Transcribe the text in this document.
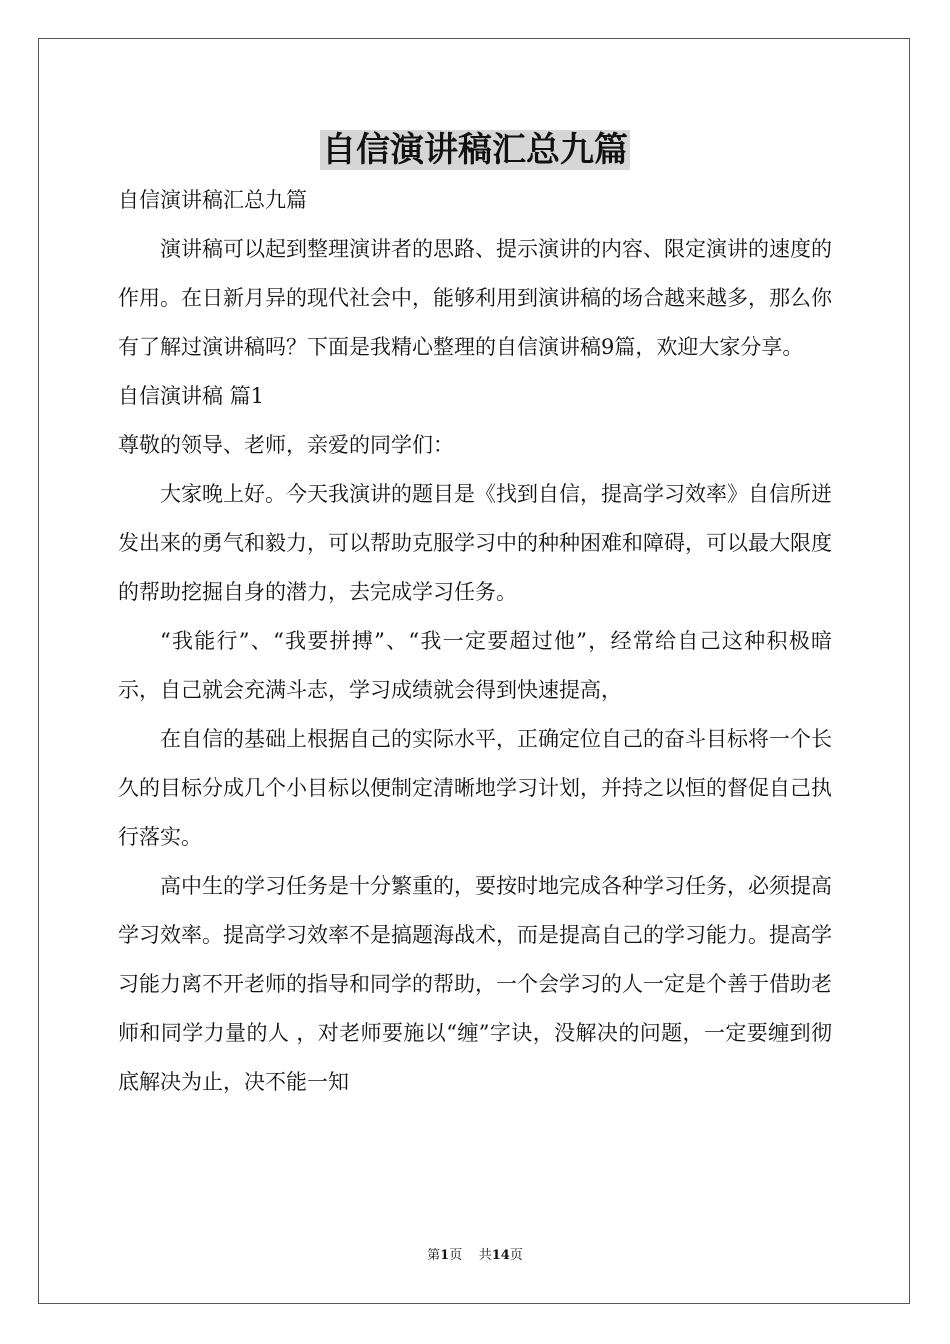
自信演讲稿汇总九篇

自信演讲稿汇总九篇

演讲稿可以起到整理演讲者的思路、提示演讲的内容、限定演讲的速度的作用。在日新月异的现代社会中，能够利用到演讲稿的场合越来越多，那么你有了解过演讲稿吗？下面是我精心整理的自信演讲稿9篇，欢迎大家分享。

自信演讲稿 篇1

尊敬的领导、老师，亲爱的同学们：

大家晚上好。今天我演讲的题目是《找到自信，提高学习效率》自信所迸发出来的勇气和毅力，可以帮助克服学习中的种种困难和障碍，可以最大限度的帮助挖掘自身的潜力，去完成学习任务。

“我能行”、“我要拼搏”、“我一定要超过他”，经常给自己这种积极暗示，自己就会充满斗志，学习成绩就会得到快速提高，

在自信的基础上根据自己的实际水平，正确定位自己的奋斗目标将一个长久的目标分成几个小目标以便制定清晰地学习计划，并持之以恒的督促自己执行落实。

高中生的学习任务是十分繁重的，要按时地完成各种学习任务，必须提高学习效率。提高学习效率不是搞题海战术，而是提高自己的学习能力。提高学习能力离不开老师的指导和同学的帮助，一个会学习的人一定是个善于借助老师和同学力量的人 ，对老师要施以“缠”字诀，没解决的问题，一定要缠到彻底解决为止，决不能一知

第1页 共14页
